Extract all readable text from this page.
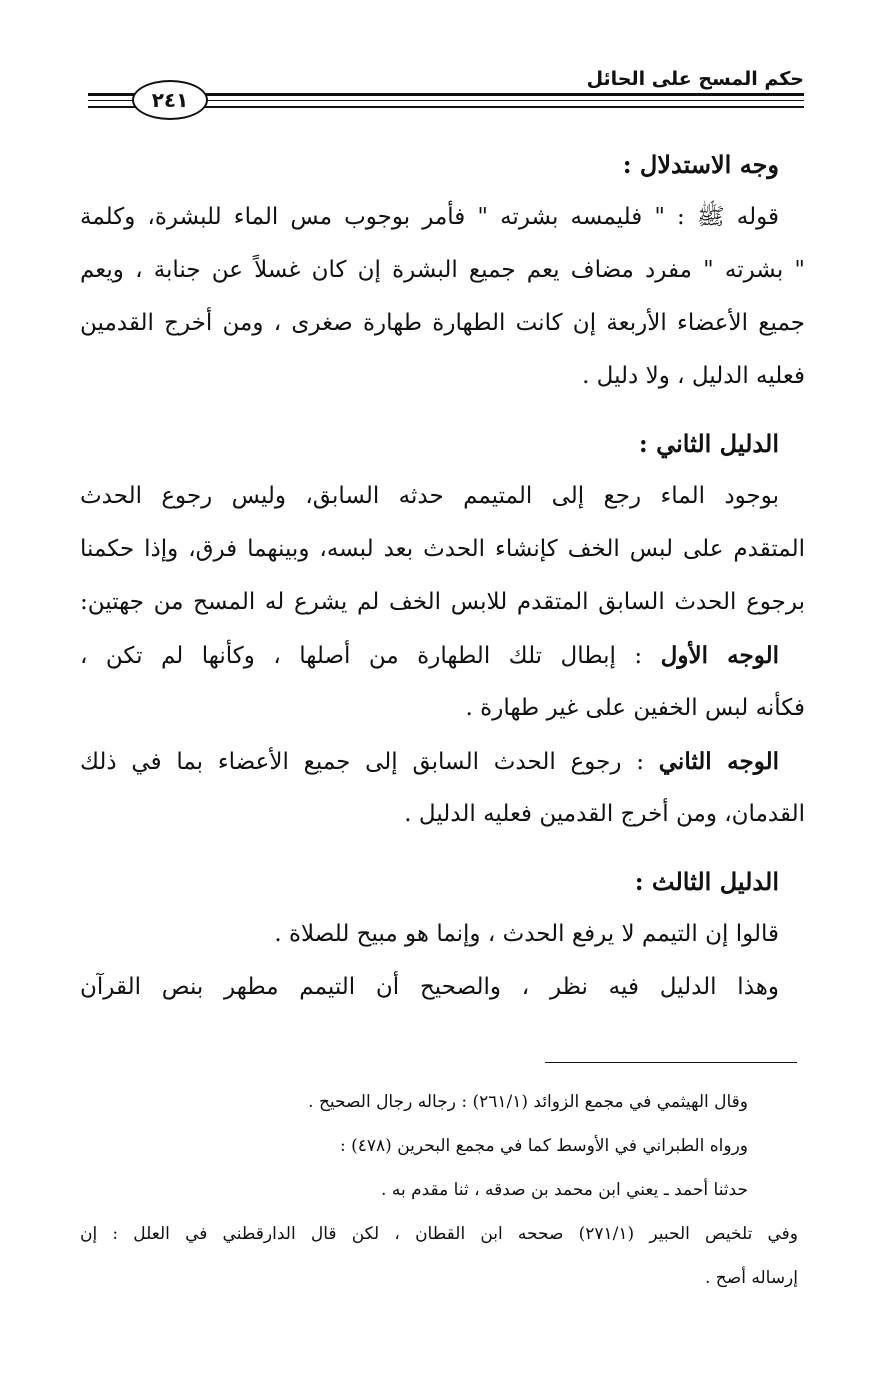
حكم المسح على الحائل
٢٤١
وجه الاستدلال :
قوله ﷺ : " فليمسه بشرته " فأمر بوجوب مس الماء للبشرة، وكلمة
" بشرته " مفرد مضاف يعم جميع البشرة إن كان غسلاً عن جنابة ، ويعم
جميع الأعضاء الأربعة إن كانت الطهارة طهارة صغرى ، ومن أخرج القدمين
فعليه الدليل ، ولا دليل .
الدليل الثاني :
بوجود الماء رجع إلى المتيمم حدثه السابق، وليس رجوع الحدث
المتقدم على لبس الخف كإنشاء الحدث بعد لبسه، وبينهما فرق، وإذا حكمنا
برجوع الحدث السابق المتقدم للابس الخف لم يشرع له المسح من جهتين:
الوجه الأول : إبطال تلك الطهارة من أصلها ، وكأنها لم تكن ،
فكأنه لبس الخفين على غير طهارة .
الوجه الثاني : رجوع الحدث السابق إلى جميع الأعضاء بما في ذلك
القدمان، ومن أخرج القدمين فعليه الدليل .
الدليل الثالث :
قالوا إن التيمم لا يرفع الحدث ، وإنما هو مبيح للصلاة .
وهذا الدليل فيه نظر ، والصحيح أن التيمم مطهر بنص القرآن
وقال الهيثمي في مجمع الزوائد (٢٦١/١) : رجاله رجال الصحيح .
ورواه الطبراني في الأوسط كما في مجمع البحرين (٤٧٨) :
حدثنا أحمد ـ يعني ابن محمد بن صدقه ، ثنا مقدم به .
وفي تلخيص الحبير (٢٧١/١) صححه ابن القطان ، لكن قال الدارقطني في العلل : إن
إرساله أصح .
